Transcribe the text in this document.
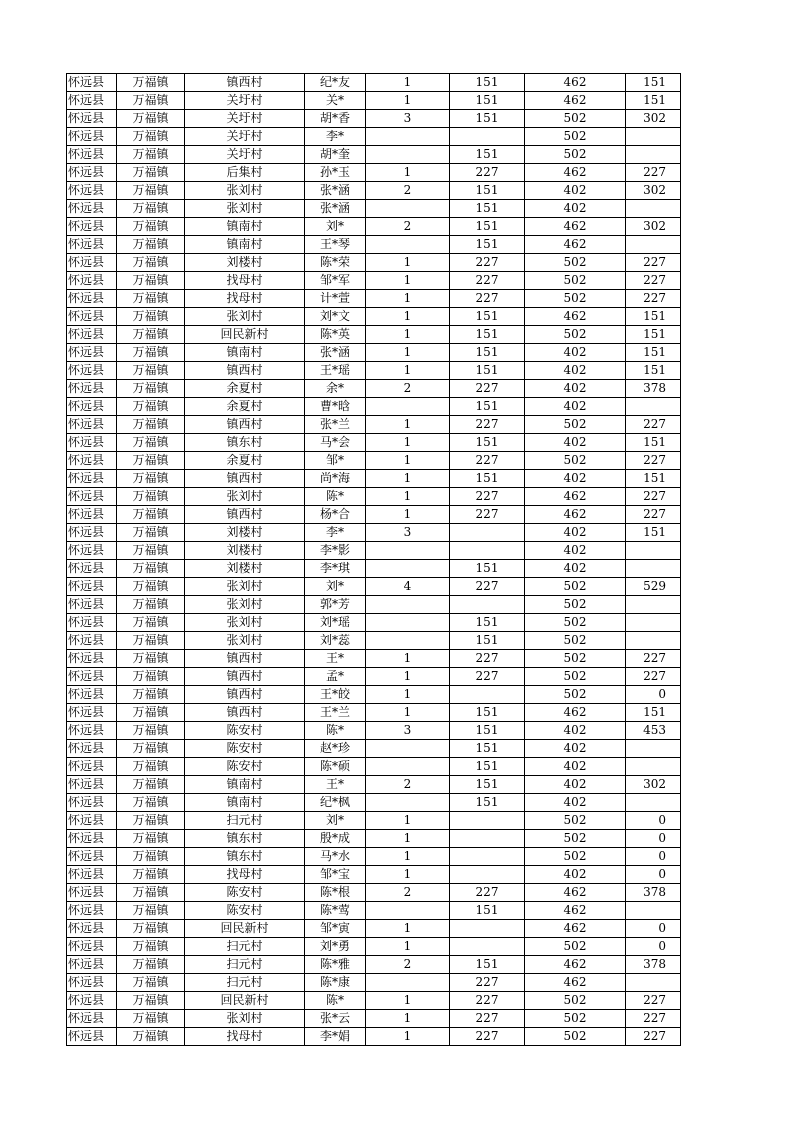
怀远县	万福镇	镇西村	纪*友	1	151	462	151
怀远县	万福镇	关圩村	关*	1	151	462	151
怀远县	万福镇	关圩村	胡*香	3	151	502	302
怀远县	万福镇	关圩村	李*			502	
怀远县	万福镇	关圩村	胡*奎		151	502	
怀远县	万福镇	后集村	孙*玉	1	227	462	227
怀远县	万福镇	张刘村	张*涵	2	151	402	302
怀远县	万福镇	张刘村	张*涵		151	402	
怀远县	万福镇	镇南村	刘*	2	151	462	302
怀远县	万福镇	镇南村	王*琴		151	462	
怀远县	万福镇	刘楼村	陈*荣	1	227	502	227
怀远县	万福镇	找母村	邹*军	1	227	502	227
怀远县	万福镇	找母村	计*萱	1	227	502	227
怀远县	万福镇	张刘村	刘*文	1	151	462	151
怀远县	万福镇	回民新村	陈*英	1	151	502	151
怀远县	万福镇	镇南村	张*涵	1	151	402	151
怀远县	万福镇	镇西村	王*瑶	1	151	402	151
怀远县	万福镇	余夏村	余*	2	227	402	378
怀远县	万福镇	余夏村	曹*晗		151	402	
怀远县	万福镇	镇西村	张*兰	1	227	502	227
怀远县	万福镇	镇东村	马*会	1	151	402	151
怀远县	万福镇	余夏村	邹*	1	227	502	227
怀远县	万福镇	镇西村	尚*海	1	151	402	151
怀远县	万福镇	张刘村	陈*	1	227	462	227
怀远县	万福镇	镇西村	杨*合	1	227	462	227
怀远县	万福镇	刘楼村	李*	3		402	151
怀远县	万福镇	刘楼村	李*影			402	
怀远县	万福镇	刘楼村	李*琪		151	402	
怀远县	万福镇	张刘村	刘*	4	227	502	529
怀远县	万福镇	张刘村	郭*芳			502	
怀远县	万福镇	张刘村	刘*瑶		151	502	
怀远县	万福镇	张刘村	刘*蕊		151	502	
怀远县	万福镇	镇西村	王*	1	227	502	227
怀远县	万福镇	镇西村	孟*	1	227	502	227
怀远县	万福镇	镇西村	王*皎	1		502	0
怀远县	万福镇	镇西村	王*兰	1	151	462	151
怀远县	万福镇	陈安村	陈*	3	151	402	453
怀远县	万福镇	陈安村	赵*珍		151	402	
怀远县	万福镇	陈安村	陈*硕		151	402	
怀远县	万福镇	镇南村	王*	2	151	402	302
怀远县	万福镇	镇南村	纪*枫		151	402	
怀远县	万福镇	扫元村	刘*	1		502	0
怀远县	万福镇	镇东村	殷*成	1		502	0
怀远县	万福镇	镇东村	马*水	1		502	0
怀远县	万福镇	找母村	邹*宝	1		402	0
怀远县	万福镇	陈安村	陈*根	2	227	462	378
怀远县	万福镇	陈安村	陈*莺		151	462	
怀远县	万福镇	回民新村	邹*寅	1		462	0
怀远县	万福镇	扫元村	刘*勇	1		502	0
怀远县	万福镇	扫元村	陈*雅	2	151	462	378
怀远县	万福镇	扫元村	陈*康		227	462	
怀远县	万福镇	回民新村	陈*	1	227	502	227
怀远县	万福镇	张刘村	张*云	1	227	502	227
怀远县	万福镇	找母村	李*娟	1	227	502	227
